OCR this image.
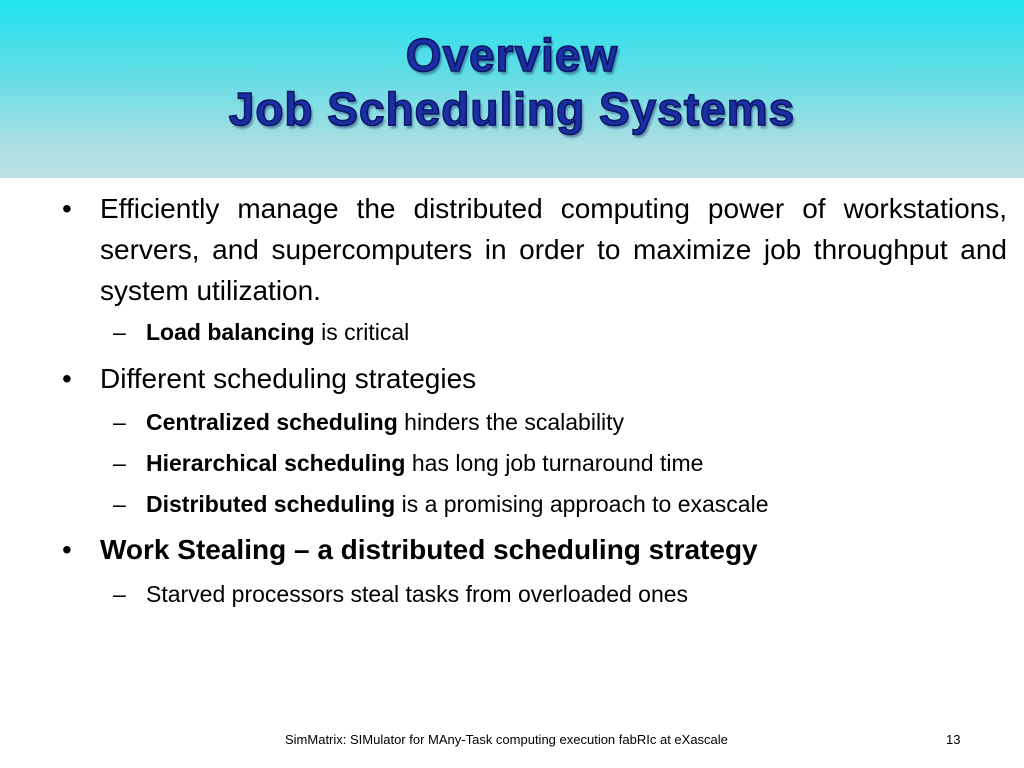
Overview
Job Scheduling Systems
• Efficiently manage the distributed computing power of workstations, servers, and supercomputers in order to maximize job throughput and system utilization.
– Load balancing is critical
• Different scheduling strategies
– Centralized scheduling hinders the scalability
– Hierarchical scheduling has long job turnaround time
– Distributed scheduling is a promising approach to exascale
• Work Stealing – a distributed scheduling strategy
– Starved processors steal tasks from overloaded ones
SimMatrix: SIMulator for MAny-Task computing execution fabRIc at eXascale	13
